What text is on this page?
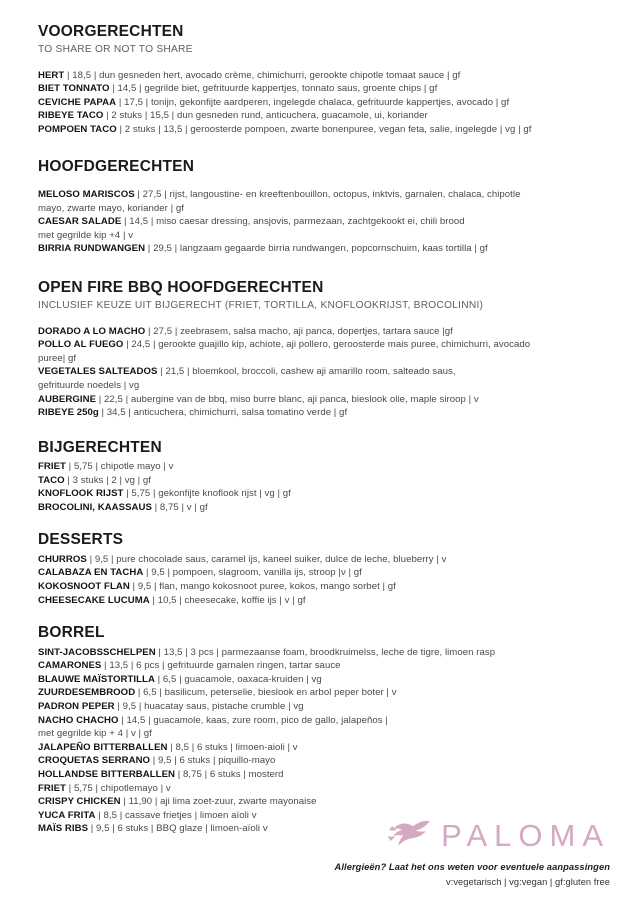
VOORGERECHTEN
TO SHARE OR NOT TO SHARE
HERT | 18,5 | dun gesneden hert, avocado crème, chimichurri, gerookte chipotle tomaat sauce | gf
BIET TONNATO | 14,5 | gegrilde biet, gefrituurde kappertjes, tonnato saus, groente chips | gf
CEVICHE PAPAA | 17,5 | tonijn, gekonfijte aardperen, ingelegde chalaca, gefrituurde kappertjes, avocado | gf
RIBEYE TACO | 2 stuks | 15,5 | dun gesneden rund, anticuchera, guacamole, ui, koriander
POMPOEN TACO | 2 stuks | 13,5 | geroosterde pompoen, zwarte bonenpuree, vegan feta, salie, ingelegde | vg | gf
HOOFDGERECHTEN
MELOSO MARISCOS | 27,5 | rijst, langoustine- en kreeftenbouillon, octopus, inktvis, garnalen, chalaca, chipotle
mayo, zwarte mayo, koriander | gf
CAESAR SALADE | 14,5 | miso caesar dressing, ansjovis, parmezaan, zachtgekookt ei, chili brood
met gegrilde kip +4 | v
BIRRIA RUNDWANGEN | 29,5 | langzaam gegaarde birria rundwangen, popcornschuim, kaas tortilla | gf
OPEN FIRE BBQ HOOFDGERECHTEN
INCLUSIEF KEUZE UIT BIJGERECHT (FRIET, TORTILLA, KNOFLOOKRIJST, BROCOLINNI)
DORADO A LO MACHO | 27,5 | zeebrasem, salsa macho, aji panca, dopertjes, tartara sauce |gf
POLLO AL FUEGO | 24,5 | gerookte guajillo kip, achiote, aji pollero, geroosterde mais puree, chimichurri, avocado
puree| gf
VEGETALES SALTEADOS | 21,5 | bloemkool, broccoli, cashew aji amarillo room, salteado saus,
gefrituurde noedels | vg
AUBERGINE | 22,5 | aubergine van de bbq, miso burre blanc, aji panca, bieslook olie, maple siroop | v
RIBEYE 250g | 34,5 | anticuchera, chimichurri, salsa tomatino verde | gf
BIJGERECHTEN
FRIET | 5,75 | chipotle mayo | v
TACO | 3 stuks | 2 | vg | gf
KNOFLOOK RIJST | 5,75 | gekonfijte knoflook rijst | vg | gf
BROCOLINI, KAASSAUS | 8,75 | v | gf
DESSERTS
CHURROS | 9,5 | pure chocolade saus, caramel ijs, kaneel suiker, dulce de leche, blueberry | v
CALABAZA EN TACHA | 9,5 | pompoen, slagroom, vanilla ijs, stroop |v | gf
KOKOSNOOT FLAN | 9,5 | flan, mango kokosnoot puree, kokos, mango sorbet | gf
CHEESECAKE LUCUMA | 10,5 | cheesecake, koffie ijs | v | gf
BORREL
SINT-JACOBSSCHELPEN | 13,5 | 3 pcs | parmezaanse foam, broodkruimelss, leche de tigre, limoen rasp
CAMARONES | 13,5 | 6 pcs | gefrituurde garnalen ringen, tartar sauce
BLAUWE MAÏSTORTILLA | 6,5 | guacamole, oaxaca-kruiden | vg
ZUURDESEMBROOD | 6,5 | basilicum, peterselie, bieslook en arbol peper boter | v
PADRON PEPER | 9,5 | huacatay saus, pistache crumble | vg
NACHO CHACHO | 14,5 | guacamole, kaas, zure room, pico de gallo, jalapeños |
met gegrilde kip + 4 | v | gf
JALAPEÑO BITTERBALLEN | 8,5 | 6 stuks | limoen-aioli | v
CROQUETAS SERRANO | 9,5 | 6 stuks | piquillo-mayo
HOLLANDSE BITTERBALLEN | 8,75 | 6 stuks | mosterd
FRIET | 5,75 | chipotlemayo | v
CRISPY CHICKEN | 11,90 | aji lima zoet-zuur, zwarte mayonaise
YUCA FRITA | 8,5 | cassave frietjes | limoen aïoli v
MAÏS RIBS | 9,5 | 6 stuks | BBQ glaze | limoen-aïoli v	PALOMA
Allergieën? Laat het ons weten voor eventuele aanpassingen
v:vegetarisch | vg:vegan | gf:gluten free
